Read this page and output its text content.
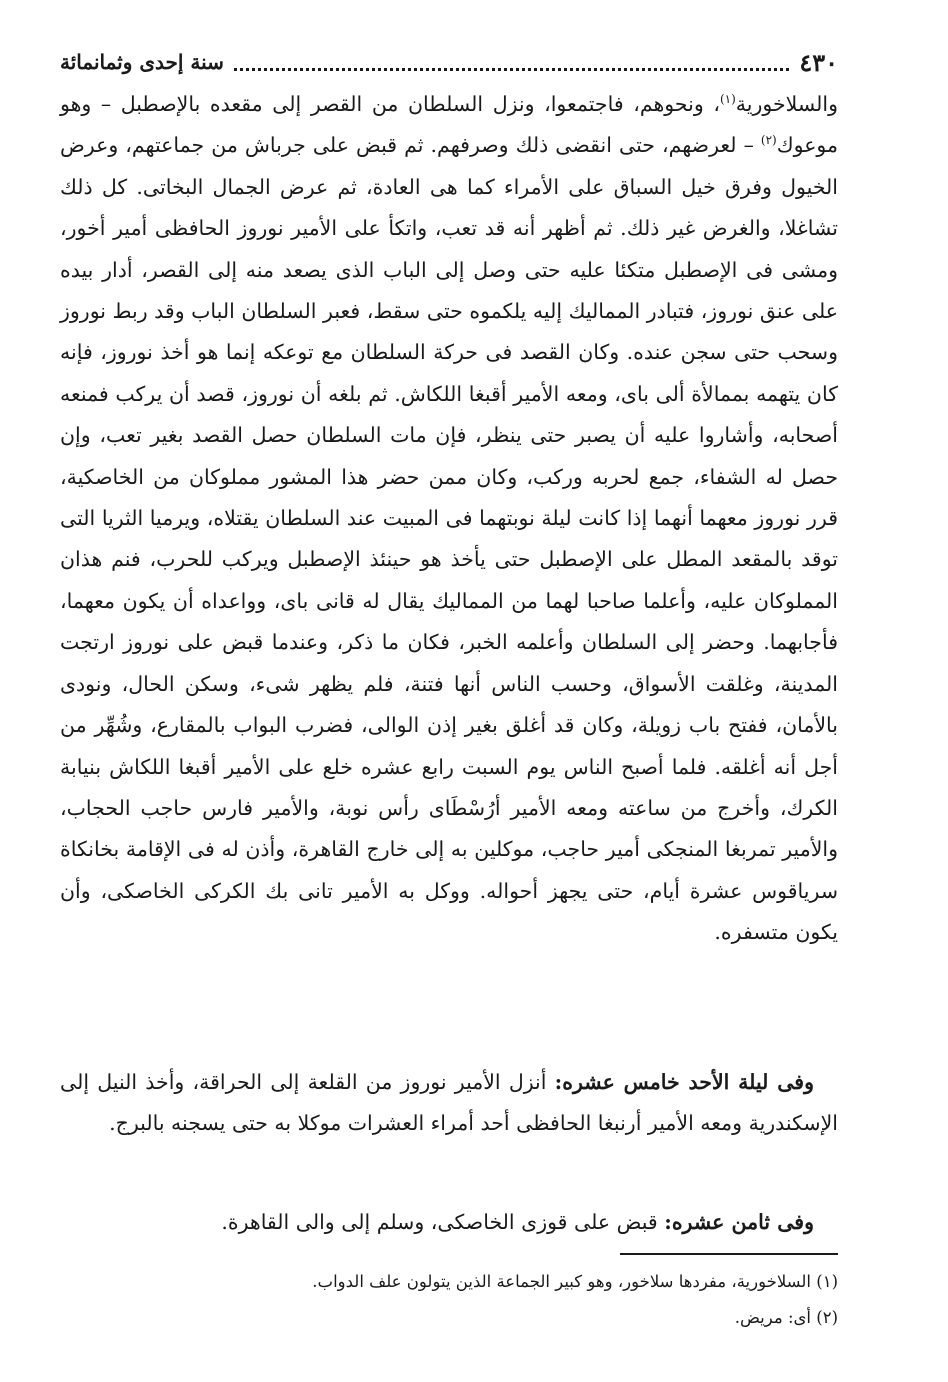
٤٣٠
سنة إحدى وثمانمائة

والسلاخورية$^{(١)}$، ونحوهم، فاجتمعوا، ونزل السلطان من القصر إلى مقعده بالإصطبل – وهو موعوك$^{(٢)}$ – لعرضهم، حتى انقضى ذلك وصرفهم. ثم قبض على جرباش من جماعتهم، وعرض الخيول وفرق خيل السباق على الأمراء كما هى العادة، ثم عرض الجمال البخاتى. كل ذلك تشاغلا، والغرض غير ذلك. ثم أظهر أنه قد تعب، واتكأ على الأمير نوروز الحافظى أمير أخور، ومشى فى الإصطبل متكئا عليه حتى وصل إلى الباب الذى يصعد منه إلى القصر، أدار بيده على عنق نوروز، فتبادر المماليك إليه يلكموه حتى سقط، فعبر السلطان الباب وقد ربط نوروز وسحب حتى سجن عنده. وكان القصد فى حركة السلطان مع توعكه إنما هو أخذ نوروز، فإنه كان يتهمه بممالأة ألى باى، ومعه الأمير أقبغا اللكاش. ثم بلغه أن نوروز، قصد أن يركب فمنعه أصحابه، وأشاروا عليه أن يصبر حتى ينظر، فإن مات السلطان حصل القصد بغير تعب، وإن حصل له الشفاء، جمع لحربه وركب، وكان ممن حضر هذا المشور مملوكان من الخاصكية، قرر نوروز معهما أنهما إذا كانت ليلة نوبتهما فى المبيت عند السلطان يقتلاه، ويرميا الثريا التى توقد بالمقعد المطل على الإصطبل حتى يأخذ هو حينئذ الإصطبل ويركب للحرب، فنم هذان المملوكان عليه، وأعلما صاحبا لهما من المماليك يقال له قانى باى، وواعداه أن يكون معهما، فأجابهما. وحضر إلى السلطان وأعلمه الخبر، فكان ما ذكر، وعندما قبض على نوروز ارتجت المدينة، وغلقت الأسواق، وحسب الناس أنها فتنة، فلم يظهر شىء، وسكن الحال، ونودى بالأمان، ففتح باب زويلة، وكان قد أغلق بغير إذن الوالى، فضرب البواب بالمقارع، وشُهِّر من أجل أنه أغلقه. فلما أصبح الناس يوم السبت رابع عشره خلع على الأمير أقبغا اللكاش بنيابة الكرك، وأخرج من ساعته ومعه الأمير أرُسْطَاى رأس نوبة، والأمير فارس حاجب الحجاب، والأمير تمربغا المنجكى أمير حاجب، موكلين به إلى خارج القاهرة، وأذن له فى الإقامة بخانكاة سرياقوس عشرة أيام، حتى يجهز أحواله. ووكل به الأمير تانى بك الكركى الخاصكى، وأن يكون متسفره.

وفى ليلة الأحد خامس عشره: أنزل الأمير نوروز من القلعة إلى الحراقة، وأخذ النيل إلى الإسكندرية ومعه الأمير أرنبغا الحافظى أحد أمراء العشرات موكلا به حتى يسجنه بالبرج.
وفى ثامن عشره: قبض على قوزى الخاصكى، وسلم إلى والى القاهرة.

(١) السلاخورية، مفردها سلاخور، وهو كبير الجماعة الذين يتولون علف الدواب.

(٢) أى: مريض.
